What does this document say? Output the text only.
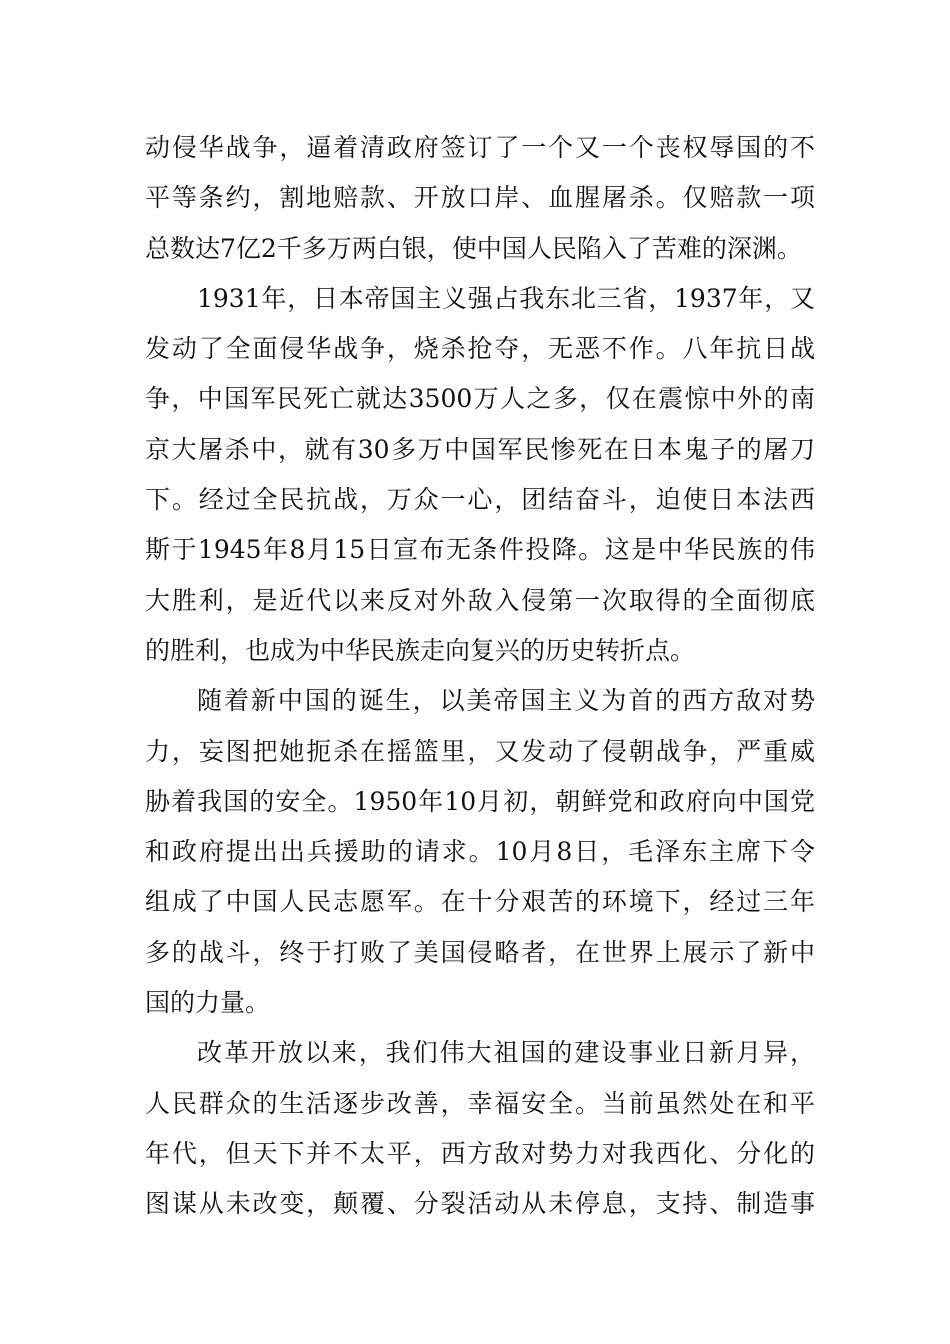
动侵华战争，逼着清政府签订了一个又一个丧权辱国的不
平等条约，割地赔款、开放口岸、血腥屠杀。仅赔款一项
总数达7亿2千多万两白银，使中国人民陷入了苦难的深渊。
1931年，日本帝国主义强占我东北三省，1937年，又
发动了全面侵华战争，烧杀抢夺，无恶不作。八年抗日战
争，中国军民死亡就达3500万人之多，仅在震惊中外的南
京大屠杀中，就有30多万中国军民惨死在日本鬼子的屠刀
下。经过全民抗战，万众一心，团结奋斗，迫使日本法西
斯于1945年8月15日宣布无条件投降。这是中华民族的伟
大胜利，是近代以来反对外敌入侵第一次取得的全面彻底
的胜利，也成为中华民族走向复兴的历史转折点。
随着新中国的诞生，以美帝国主义为首的西方敌对势
力，妄图把她扼杀在摇篮里，又发动了侵朝战争，严重威
胁着我国的安全。1950年10月初，朝鲜党和政府向中国党
和政府提出出兵援助的请求。10月8日，毛泽东主席下令
组成了中国人民志愿军。在十分艰苦的环境下，经过三年
多的战斗，终于打败了美国侵略者，在世界上展示了新中
国的力量。
改革开放以来，我们伟大祖国的建设事业日新月异，
人民群众的生活逐步改善，幸福安全。当前虽然处在和平
年代，但天下并不太平，西方敌对势力对我西化、分化的
图谋从未改变，颠覆、分裂活动从未停息，支持、制造事
